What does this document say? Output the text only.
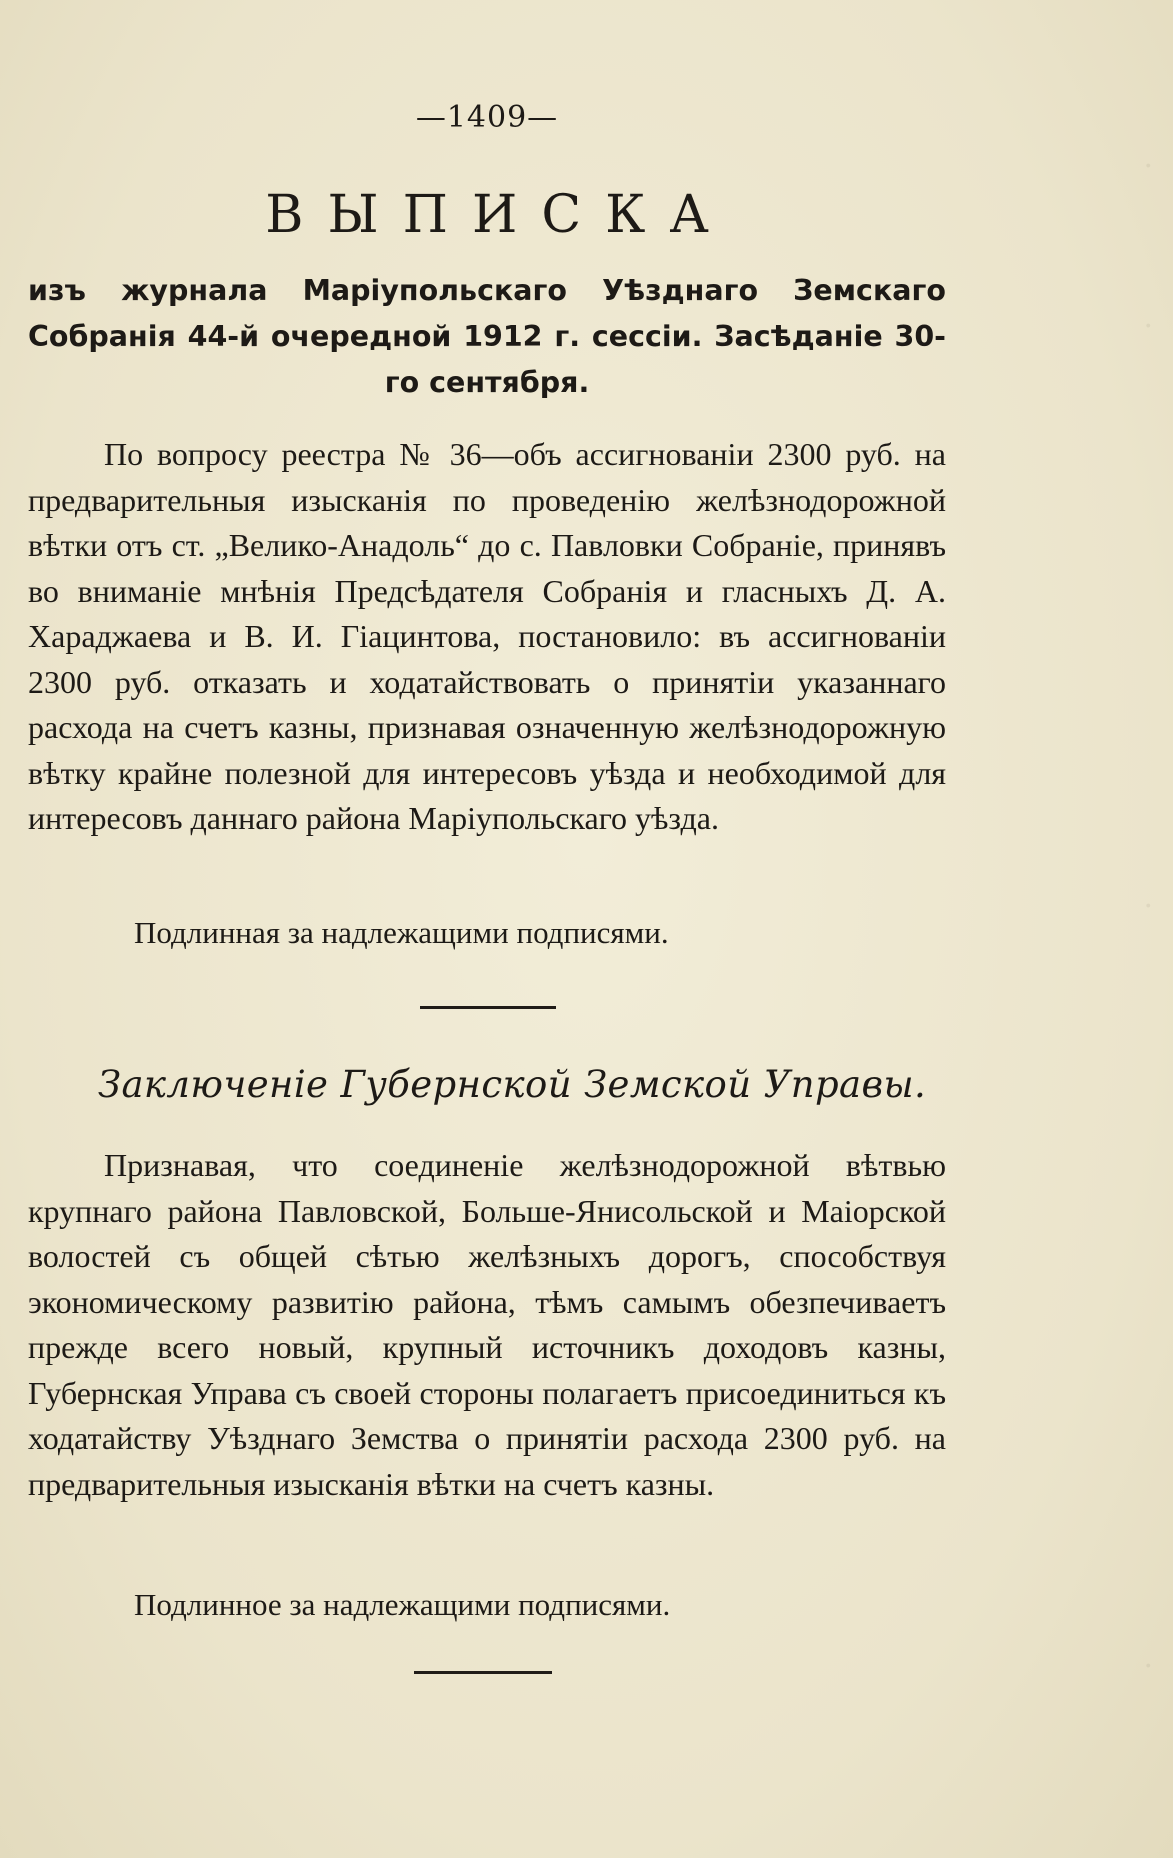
.
.
.
.
—1409—
ВЫПИСКА
изъ журнала Маріупольскаго Уѣзднаго Земскаго Собранія 44-й очередной 1912 г. сессіи. Засѣданіе 30-го сентября.
По вопросу реестра № 36—объ ассигнованіи 2300 руб. на предварительныя изысканія по проведенію желѣзнодорожной вѣтки отъ ст. „Велико-Анадоль“ до с. Павловки Собраніе, принявъ во вниманіе мнѣнія Предсѣдателя Собранія и гласныхъ Д. А. Хараджаева и В. И. Гіацинтова, постановило: въ ассигнованіи 2300 руб. отказать и ходатайствовать о принятіи указаннаго расхода на счетъ казны, признавая означенную желѣзнодорожную вѣтку крайне полезной для интересовъ уѣзда и необходимой для интересовъ даннаго района Маріупольскаго уѣзда.
Подлинная за надлежащими подписями.
Заключеніе Губернской Земской Управы.
Признавая, что соединеніе желѣзнодорожной вѣтвью крупнаго района Павловской, Больше-Янисольской и Маіорской волостей съ общей сѣтью желѣзныхъ дорогъ, способствуя экономическому развитію района, тѣмъ самымъ обезпечиваетъ прежде всего новый, крупный источникъ доходовъ казны, Губернская Управа съ своей стороны полагаетъ присоединиться къ ходатайству Уѣзднаго Земства о принятіи расхода 2300 руб. на предварительныя изысканія вѣтки на счетъ казны.
Подлинное за надлежащими подписями.
